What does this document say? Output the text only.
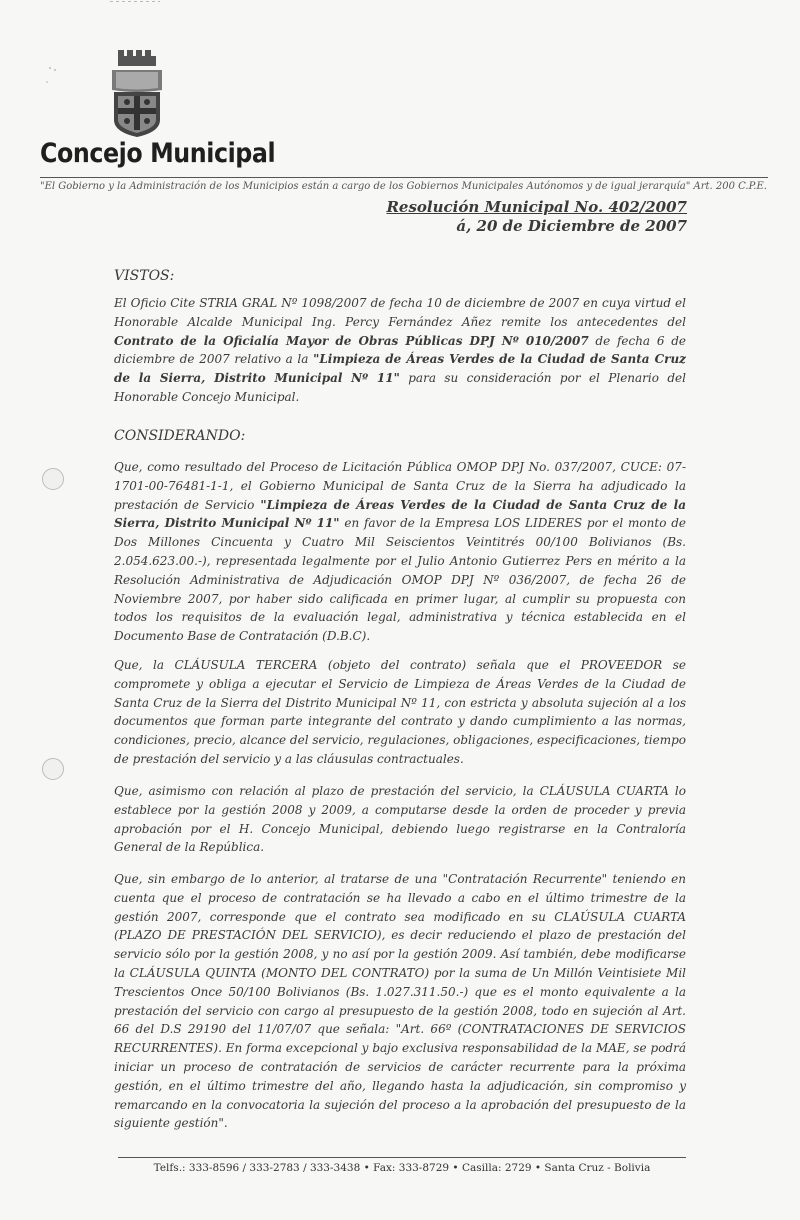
Concejo Municipal
"El Gobierno y la Administración de los Municipios están a cargo de los Gobiernos Municipales Autónomos y de igual jerarquía" Art. 200 C.P.E.
Resolución Municipal No. 402/2007
á, 20 de Diciembre de 2007
VISTOS:

El Oficio Cite STRIA GRAL Nº 1098/2007 de fecha 10 de diciembre de 2007 en cuya virtud el Honorable Alcalde Municipal Ing. Percy Fernández Añez remite los antecedentes del Contrato de la Oficialía Mayor de Obras Públicas DPJ Nº 010/2007 de fecha 6 de diciembre de 2007 relativo a la "Limpieza de Áreas Verdes de la Ciudad de Santa Cruz de la Sierra, Distrito Municipal Nº 11" para su consideración por el Plenario del Honorable Concejo Municipal.

CONSIDERANDO:

Que, como resultado del Proceso de Licitación Pública OMOP DPJ No. 037/2007, CUCE: 07-1701-00-76481-1-1, el Gobierno Municipal de Santa Cruz de la Sierra ha adjudicado la prestación de Servicio "Limpieza de Áreas Verdes de la Ciudad de Santa Cruz de la Sierra, Distrito Municipal Nº 11" en favor de la Empresa LOS LIDERES por el monto de Dos Millones Cincuenta y Cuatro Mil Seiscientos Veintitrés 00/100 Bolivianos (Bs. 2.054.623.00.-), representada legalmente por el Julio Antonio Gutierrez Pers en mérito a la Resolución Administrativa de Adjudicación OMOP DPJ Nº 036/2007, de fecha 26 de Noviembre 2007, por haber sido calificada en primer lugar, al cumplir su propuesta con todos los requisitos de la evaluación legal, administrativa y técnica establecida en el Documento Base de Contratación (D.B.C).

Que, la CLÁUSULA TERCERA (objeto del contrato) señala que el PROVEEDOR se compromete y obliga a ejecutar el Servicio de Limpieza de Áreas Verdes de la Ciudad de Santa Cruz de la Sierra del Distrito Municipal Nº 11, con estricta y absoluta sujeción al a los documentos que forman parte integrante del contrato y dando cumplimiento a las normas, condiciones, precio, alcance del servicio, regulaciones, obligaciones, especificaciones, tiempo de prestación del servicio y a las cláusulas contractuales.

Que, asimismo con relación al plazo de prestación del servicio, la CLÁUSULA CUARTA lo establece por la gestión 2008 y 2009, a computarse desde la orden de proceder y previa aprobación por el H. Concejo Municipal, debiendo luego registrarse en la Contraloría General de la República.

Que, sin embargo de lo anterior, al tratarse de una "Contratación Recurrente" teniendo en cuenta que el proceso de contratación se ha llevado a cabo en el último trimestre de la gestión 2007, corresponde que el contrato sea modificado en su CLAÚSULA CUARTA (PLAZO DE PRESTACIÓN DEL SERVICIO), es decir reduciendo el plazo de prestación del servicio sólo por la gestión 2008, y no así por la gestión 2009. Así también, debe modificarse la CLÁUSULA QUINTA (MONTO DEL CONTRATO) por la suma de Un Millón Veintisiete Mil Trescientos Once 50/100 Bolivianos (Bs. 1.027.311.50.-) que es el monto equivalente a la prestación del servicio con cargo al presupuesto de la gestión 2008, todo en sujeción al Art. 66 del D.S 29190 del 11/07/07 que señala: "Art. 66º (CONTRATACIONES DE SERVICIOS RECURRENTES). En forma excepcional y bajo exclusiva responsabilidad de la MAE, se podrá iniciar un proceso de contratación de servicios de carácter recurrente para la próxima gestión, en el último trimestre del año, llegando hasta la adjudicación, sin compromiso y remarcando en la convocatoria la sujeción del proceso a la aprobación del presupuesto de la siguiente gestión".

Telfs.: 333-8596 / 333-2783 / 333-3438 • Fax: 333-8729 • Casilla: 2729 • Santa Cruz - Bolivia
